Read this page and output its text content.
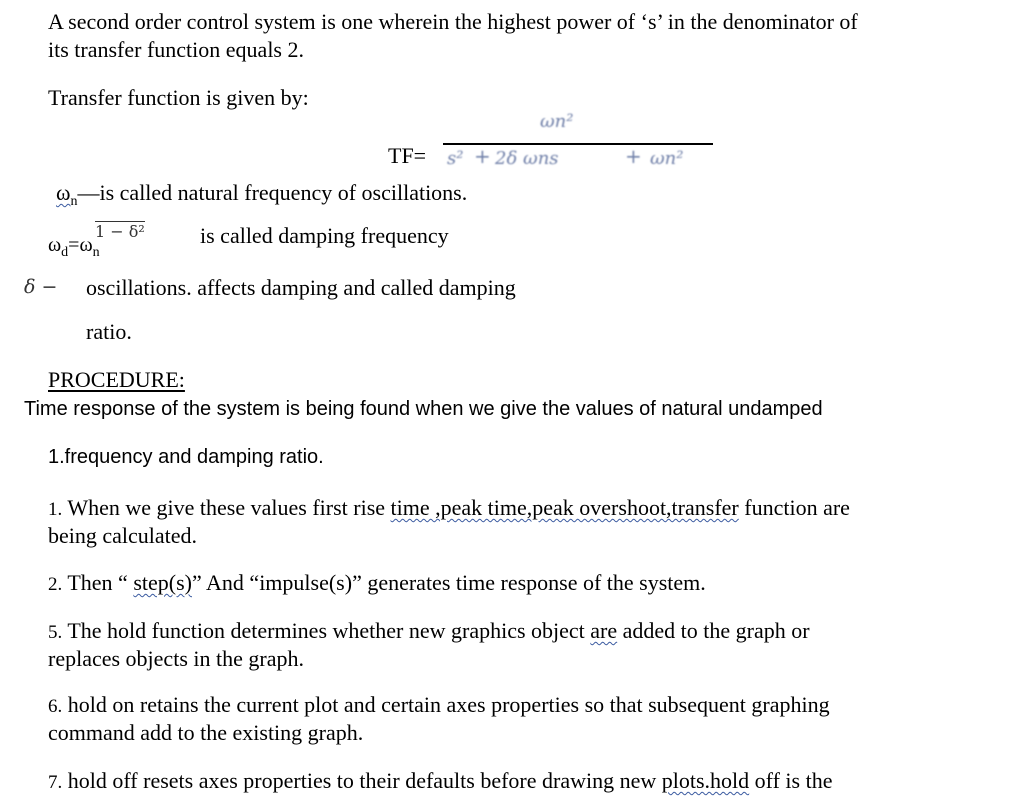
A second order control system is one wherein the highest power of ‘s’ in the denominator of

its transfer function equals 2.

Transfer function is given by:

ωn²
TF= s² + 2δ ωns	+ ωn²

$\omega_n—is$ called natural frequency of oscillations.

$\omega_d=\omega_n$

1 − δ²	is called damping frequency

δ − oscillations. affects damping and called damping

ratio.

PROCEDURE:

Time response of the system is being found when we give the values of natural undamped

1.frequency and damping ratio.

1. When we give these values first rise time ,peak time,peak overshoot,transfer function are

being calculated.

2. Then “ step(s)” And “impulse(s)” generates time response of the system.

5. The hold function determines whether new graphics object are added to the graph or

replaces objects in the graph.

6. hold on retains the current plot and certain axes properties so that subsequent graphing

command add to the existing graph.

7. hold off resets axes properties to their defaults before drawing new plots.hold off is the
